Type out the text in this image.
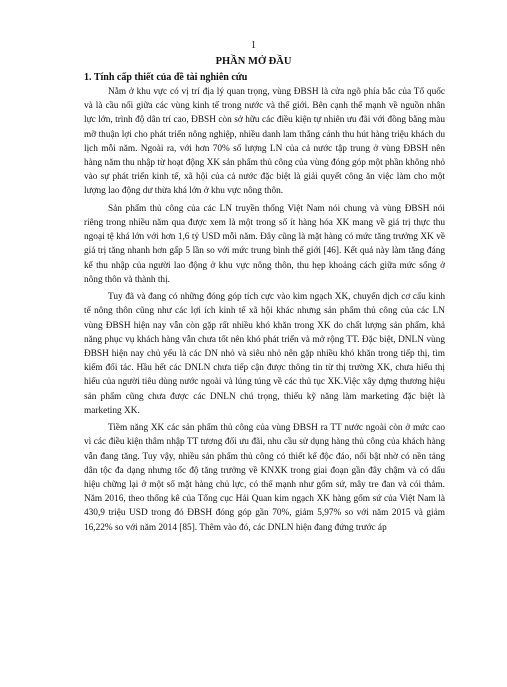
1
PHẦN MỞ ĐẦU
1. Tính cấp thiết của đề tài nghiên cứu

Nằm ở khu vực có vị trí địa lý quan trọng, vùng ĐBSH là cửa ngõ phía bắc của Tổ quốc và là cầu nối giữa các vùng kinh tế trong nước và thế giới. Bên cạnh thế mạnh về nguồn nhân lực lớn, trình độ dân trí cao, ĐBSH còn sở hữu các điều kiện tự nhiên ưu đãi với đồng bằng màu mỡ thuận lợi cho phát triển nông nghiệp, nhiều danh lam thắng cảnh thu hút hàng triệu khách du lịch mỗi năm. Ngoài ra, với hơn 70% số lượng LN của cả nước tập trung ở vùng ĐBSH nên hàng năm thu nhập từ hoạt động XK sản phẩm thủ công của vùng đóng góp một phần không nhỏ vào sự phát triển kinh tế, xã hội của cả nước đặc biệt là giải quyết công ăn việc làm cho một lượng lao động dư thừa khá lớn ở khu vực nông thôn.

Sản phẩm thủ công của các LN truyền thống Việt Nam nói chung và vùng ĐBSH nói riêng trong nhiều năm qua được xem là một trong số ít hàng hóa XK mang về giá trị thực thu ngoại tệ khá lớn với hơn 1,6 tỷ USD mỗi năm. Đây cũng là mặt hàng có mức tăng trưởng XK về giá trị tăng nhanh hơn gấp 5 lần so với mức trung bình thế giới [46]. Kết quả này làm tăng đáng kể thu nhập của người lao động ở khu vực nông thôn, thu hẹp khoảng cách giữa mức sống ở nông thôn và thành thị.

Tuy đã và đang có những đóng góp tích cực vào kim ngạch XK, chuyển dịch cơ cấu kinh tế nông thôn cũng như các lợi ích kinh tế xã hội khác nhưng sản phẩm thủ công của các LN vùng ĐBSH hiện nay vẫn còn gặp rất nhiều khó khăn trong XK do chất lượng sản phẩm, khả năng phục vụ khách hàng vẫn chưa tốt nên khó phát triển và mở rộng TT. Đặc biệt, DNLN vùng ĐBSH hiện nay chủ yếu là các DN nhỏ và siêu nhỏ nên gặp nhiều khó khăn trong tiếp thị, tìm kiếm đối tác. Hầu hết các DNLN chưa tiếp cận được thông tin từ thị trường XK, chưa hiểu thị hiếu của người tiêu dùng nước ngoài và lúng túng về các thủ tục XK.Việc xây dựng thương hiệu sản phẩm cũng chưa được các DNLN chú trọng, thiếu kỹ năng làm marketing đặc biệt là marketing XK.

Tiềm năng XK các sản phẩm thủ công của vùng ĐBSH ra TT nước ngoài còn ở mức cao vì các điều kiện thâm nhập TT tương đối ưu đãi, nhu cầu sử dụng hàng thủ công của khách hàng vẫn đang tăng. Tuy vậy, nhiều sản phẩm thủ công có thiết kế độc đáo, nổi bật nhờ có nền tảng dân tộc đa dạng nhưng tốc độ tăng trưởng về KNXK trong giai đoạn gần đây chậm và có dấu hiệu chững lại ở một số mặt hàng chủ lực, có thế mạnh như gốm sứ, mây tre đan và cói thảm. Năm 2016, theo thống kê của Tổng cục Hải Quan kim ngạch XK hàng gốm sứ của Việt Nam là 430,9 triệu USD trong đó ĐBSH đóng góp gần 70%, giảm 5,97% so với năm 2015 và giảm 16,22% so với năm 2014 [85]. Thêm vào đó, các DNLN hiện đang đứng trước áp
